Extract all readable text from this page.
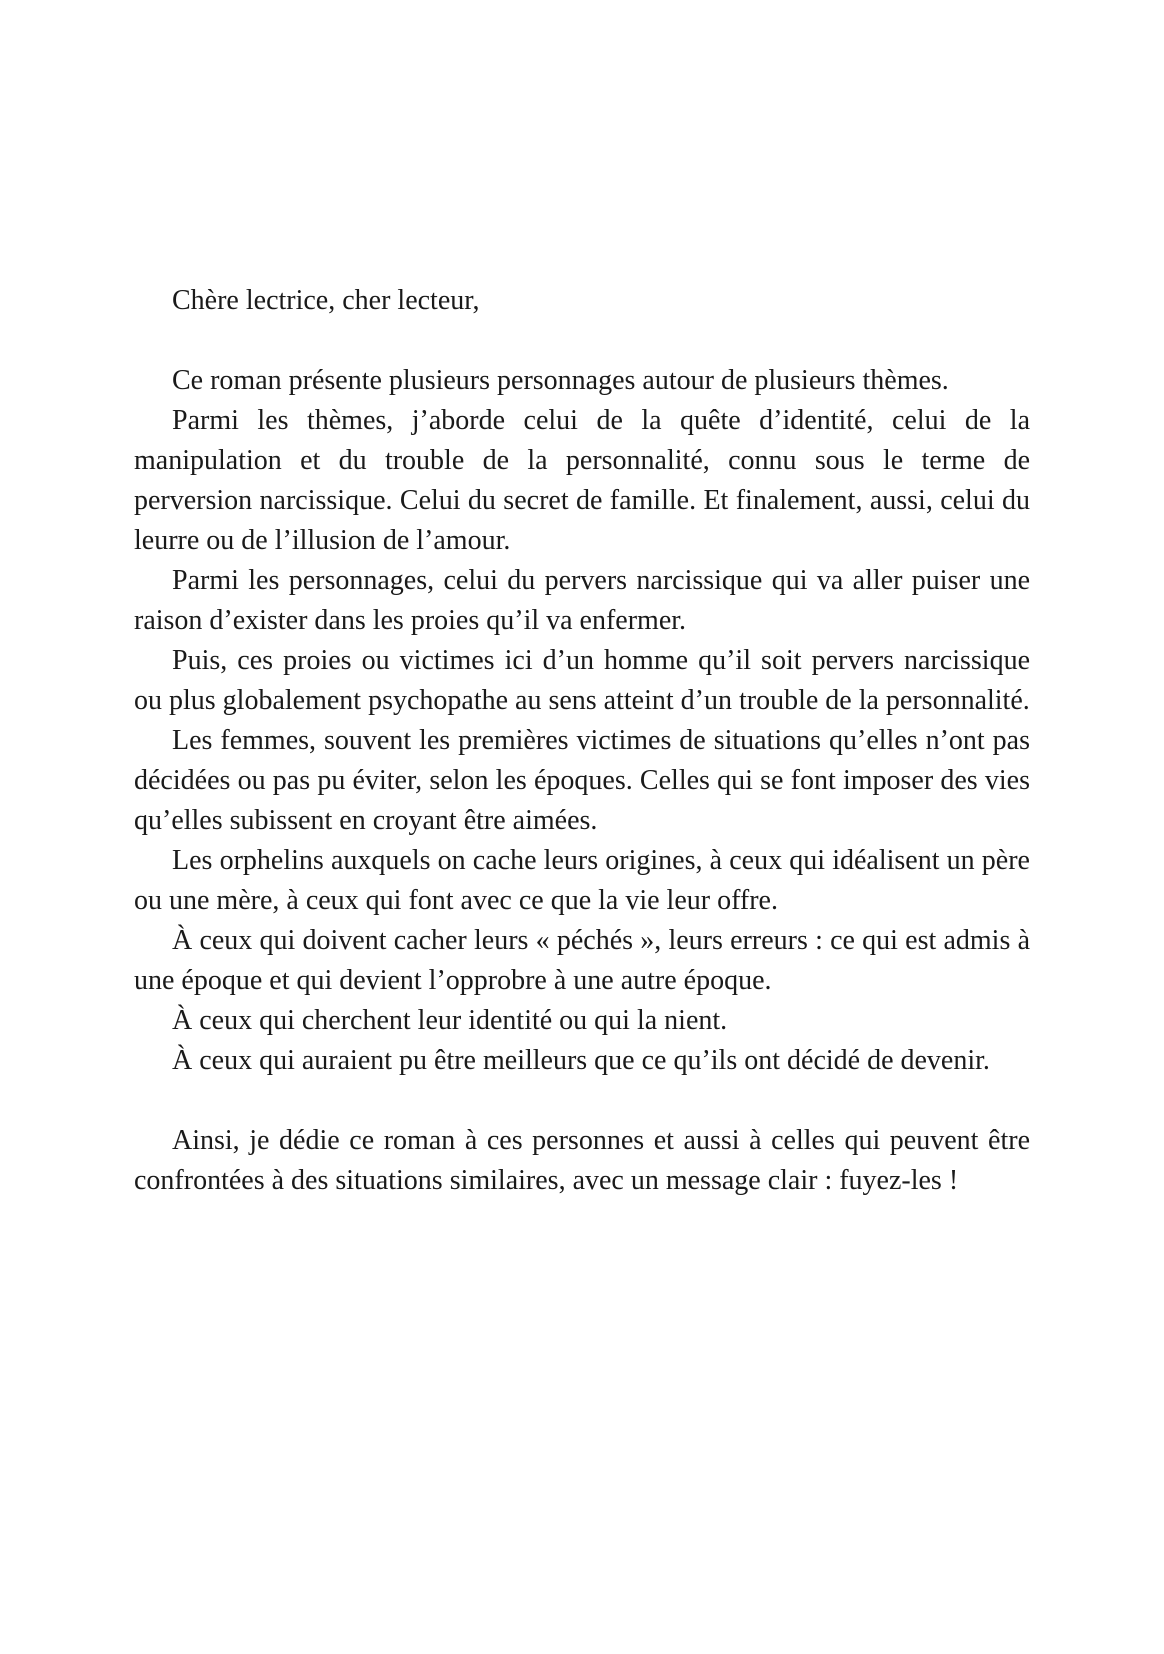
Chère lectrice, cher lecteur,

Ce roman présente plusieurs personnages autour de plusieurs thèmes.

Parmi les thèmes, j’aborde celui de la quête d’identité, celui de la manipulation et du trouble de la personnalité, connu sous le terme de perversion narcissique. Celui du secret de famille. Et finalement, aussi, celui du leurre ou de l’illusion de l’amour.

Parmi les personnages, celui du pervers narcissique qui va aller puiser une raison d’exister dans les proies qu’il va enfermer.

Puis, ces proies ou victimes ici d’un homme qu’il soit pervers narcissique ou plus globalement psychopathe au sens atteint d’un trouble de la personnalité.

Les femmes, souvent les premières victimes de situations qu’elles n’ont pas décidées ou pas pu éviter, selon les époques. Celles qui se font imposer des vies qu’elles subissent en croyant être aimées.

Les orphelins auxquels on cache leurs origines, à ceux qui idéalisent un père ou une mère, à ceux qui font avec ce que la vie leur offre.

À ceux qui doivent cacher leurs « péchés », leurs erreurs : ce qui est admis à une époque et qui devient l’opprobre à une autre époque.

À ceux qui cherchent leur identité ou qui la nient.

À ceux qui auraient pu être meilleurs que ce qu’ils ont décidé de devenir.

Ainsi, je dédie ce roman à ces personnes et aussi à celles qui peuvent être confrontées à des situations similaires, avec un message clair : fuyez-les !
